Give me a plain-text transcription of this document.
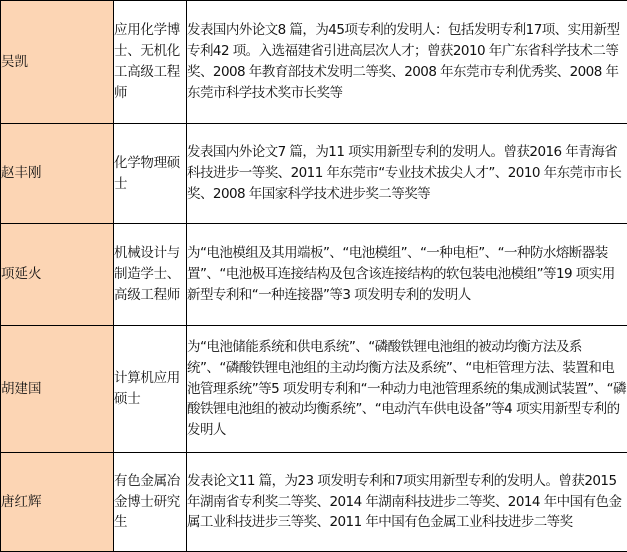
吴凯	应用化学博士、无机化工高级工程师	发表国内外论文8 篇，为45项专利的发明人：包括发明专利17项、实用新型专利42 项。入选福建省引进高层次人才；曾获2010 年广东省科学技术二等奖、2008 年教育部技术发明二等奖、2008 年东莞市专利优秀奖、2008 年东莞市科学技术奖市长奖等
赵丰刚	化学物理硕士	发表国内外论文7 篇，为11 项实用新型专利的发明人。曾获2016 年青海省科技进步一等奖、2011 年东莞市“专业技术拔尖人才”、2010 年东莞市市长奖、2008 年国家科学技术进步奖二等奖等
项延火	机械设计与制造学士、高级工程师	为“电池模组及其用端板”、“电池模组”、“一种电柜”、“一种防水熔断器装置”、“电池极耳连接结构及包含该连接结构的软包装电池模组”等19 项实用新型专利和“一种连接器”等3 项发明专利的发明人
胡建国	计算机应用硕士	为“电池储能系统和供电系统”、“磷酸铁锂电池组的被动均衡方法及系统”、“磷酸铁锂电池组的主动均衡方法及系统”、“电柜管理方法、装置和电池管理系统”等5 项发明专利和“一种动力电池管理系统的集成测试装置”、“磷酸铁锂电池组的被动均衡系统”、“电动汽车供电设备”等4 项实用新型专利的发明人
唐红辉	有色金属冶金博士研究生	发表论文11 篇，为23 项发明专利和7项实用新型专利的发明人。曾获2015 年湖南省专利奖二等奖、2014 年湖南科技进步二等奖、2014 年中国有色金属工业科技进步三等奖、2011 年中国有色金属工业科技进步二等奖
